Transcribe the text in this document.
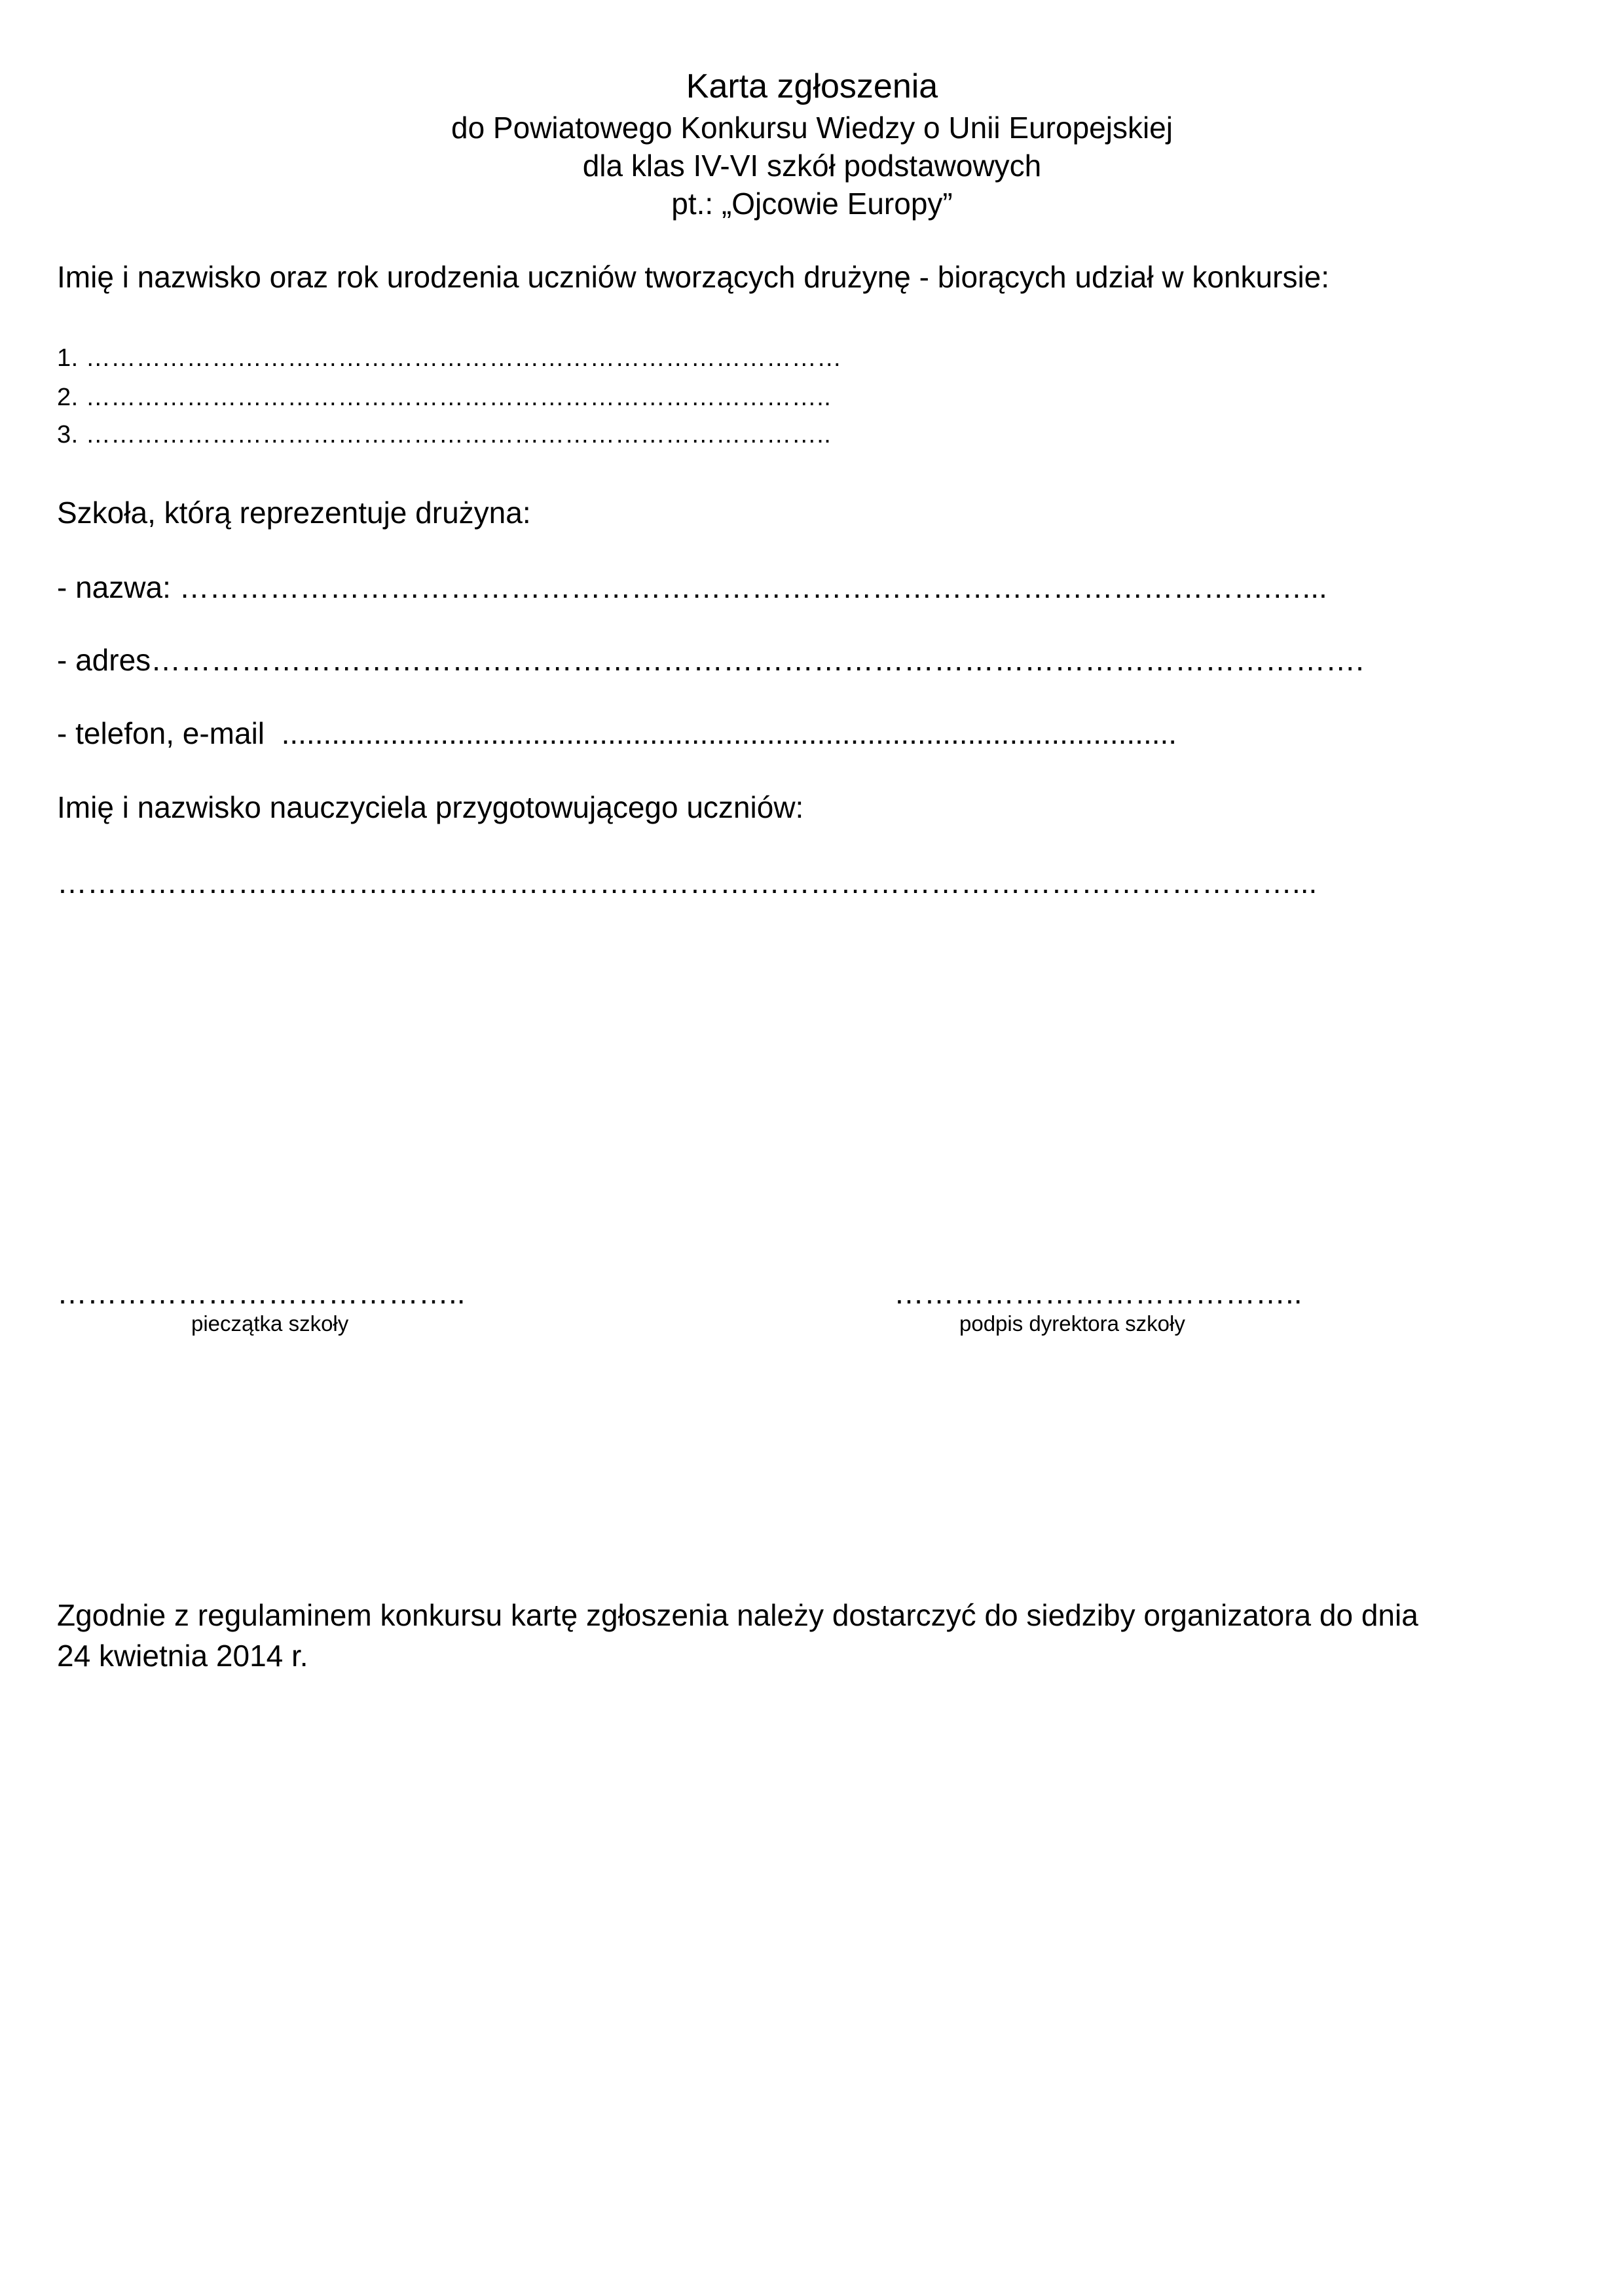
Karta zgłoszenia
do Powiatowego Konkursu Wiedzy o Unii Europejskiej
dla klas IV-VI szkół podstawowych
pt.: „Ojcowie Europy”
Imię i nazwisko oraz rok urodzenia uczniów tworzących drużynę - biorących udział w konkursie:
1. ………………………………………………………………………………
2. ……………………………………………………………………………..
3. ……………………………………………………………………………..
Szkoła, którą reprezentuje drużyna:
- nazwa: ……………………………………………………………………………………………….…...
- adres………………………………………………………………………………………………………….
- telefon, e-mail  ...........................................................................................................
Imię i nazwisko nauczyciela przygotowującego uczniów:
……………………………………………………………………………………………………………...
…………………………………..
pieczątka szkoły
…………………………………..
podpis dyrektora szkoły
Zgodnie z regulaminem konkursu kartę zgłoszenia należy dostarczyć do siedziby organizatora do dnia
24 kwietnia 2014 r.
